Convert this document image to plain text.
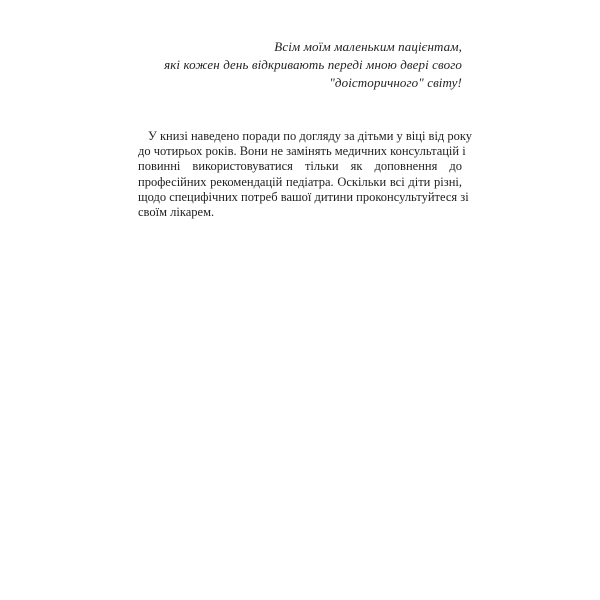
Всім моїм маленьким пацієнтам,
які кожен день відкривають переді мною двері свого
"доісторичного" світу!
У книзі наведено поради по догляду за дітьми у віці від року
до чотирьох років. Вони не замінять медичних консультацій і
повинні використовуватися тільки як доповнення до
професійних рекомендацій педіатра. Оскільки всі діти різні,
щодо специфічних потреб вашої дитини проконсультуйтеся зі
своїм лікарем.
